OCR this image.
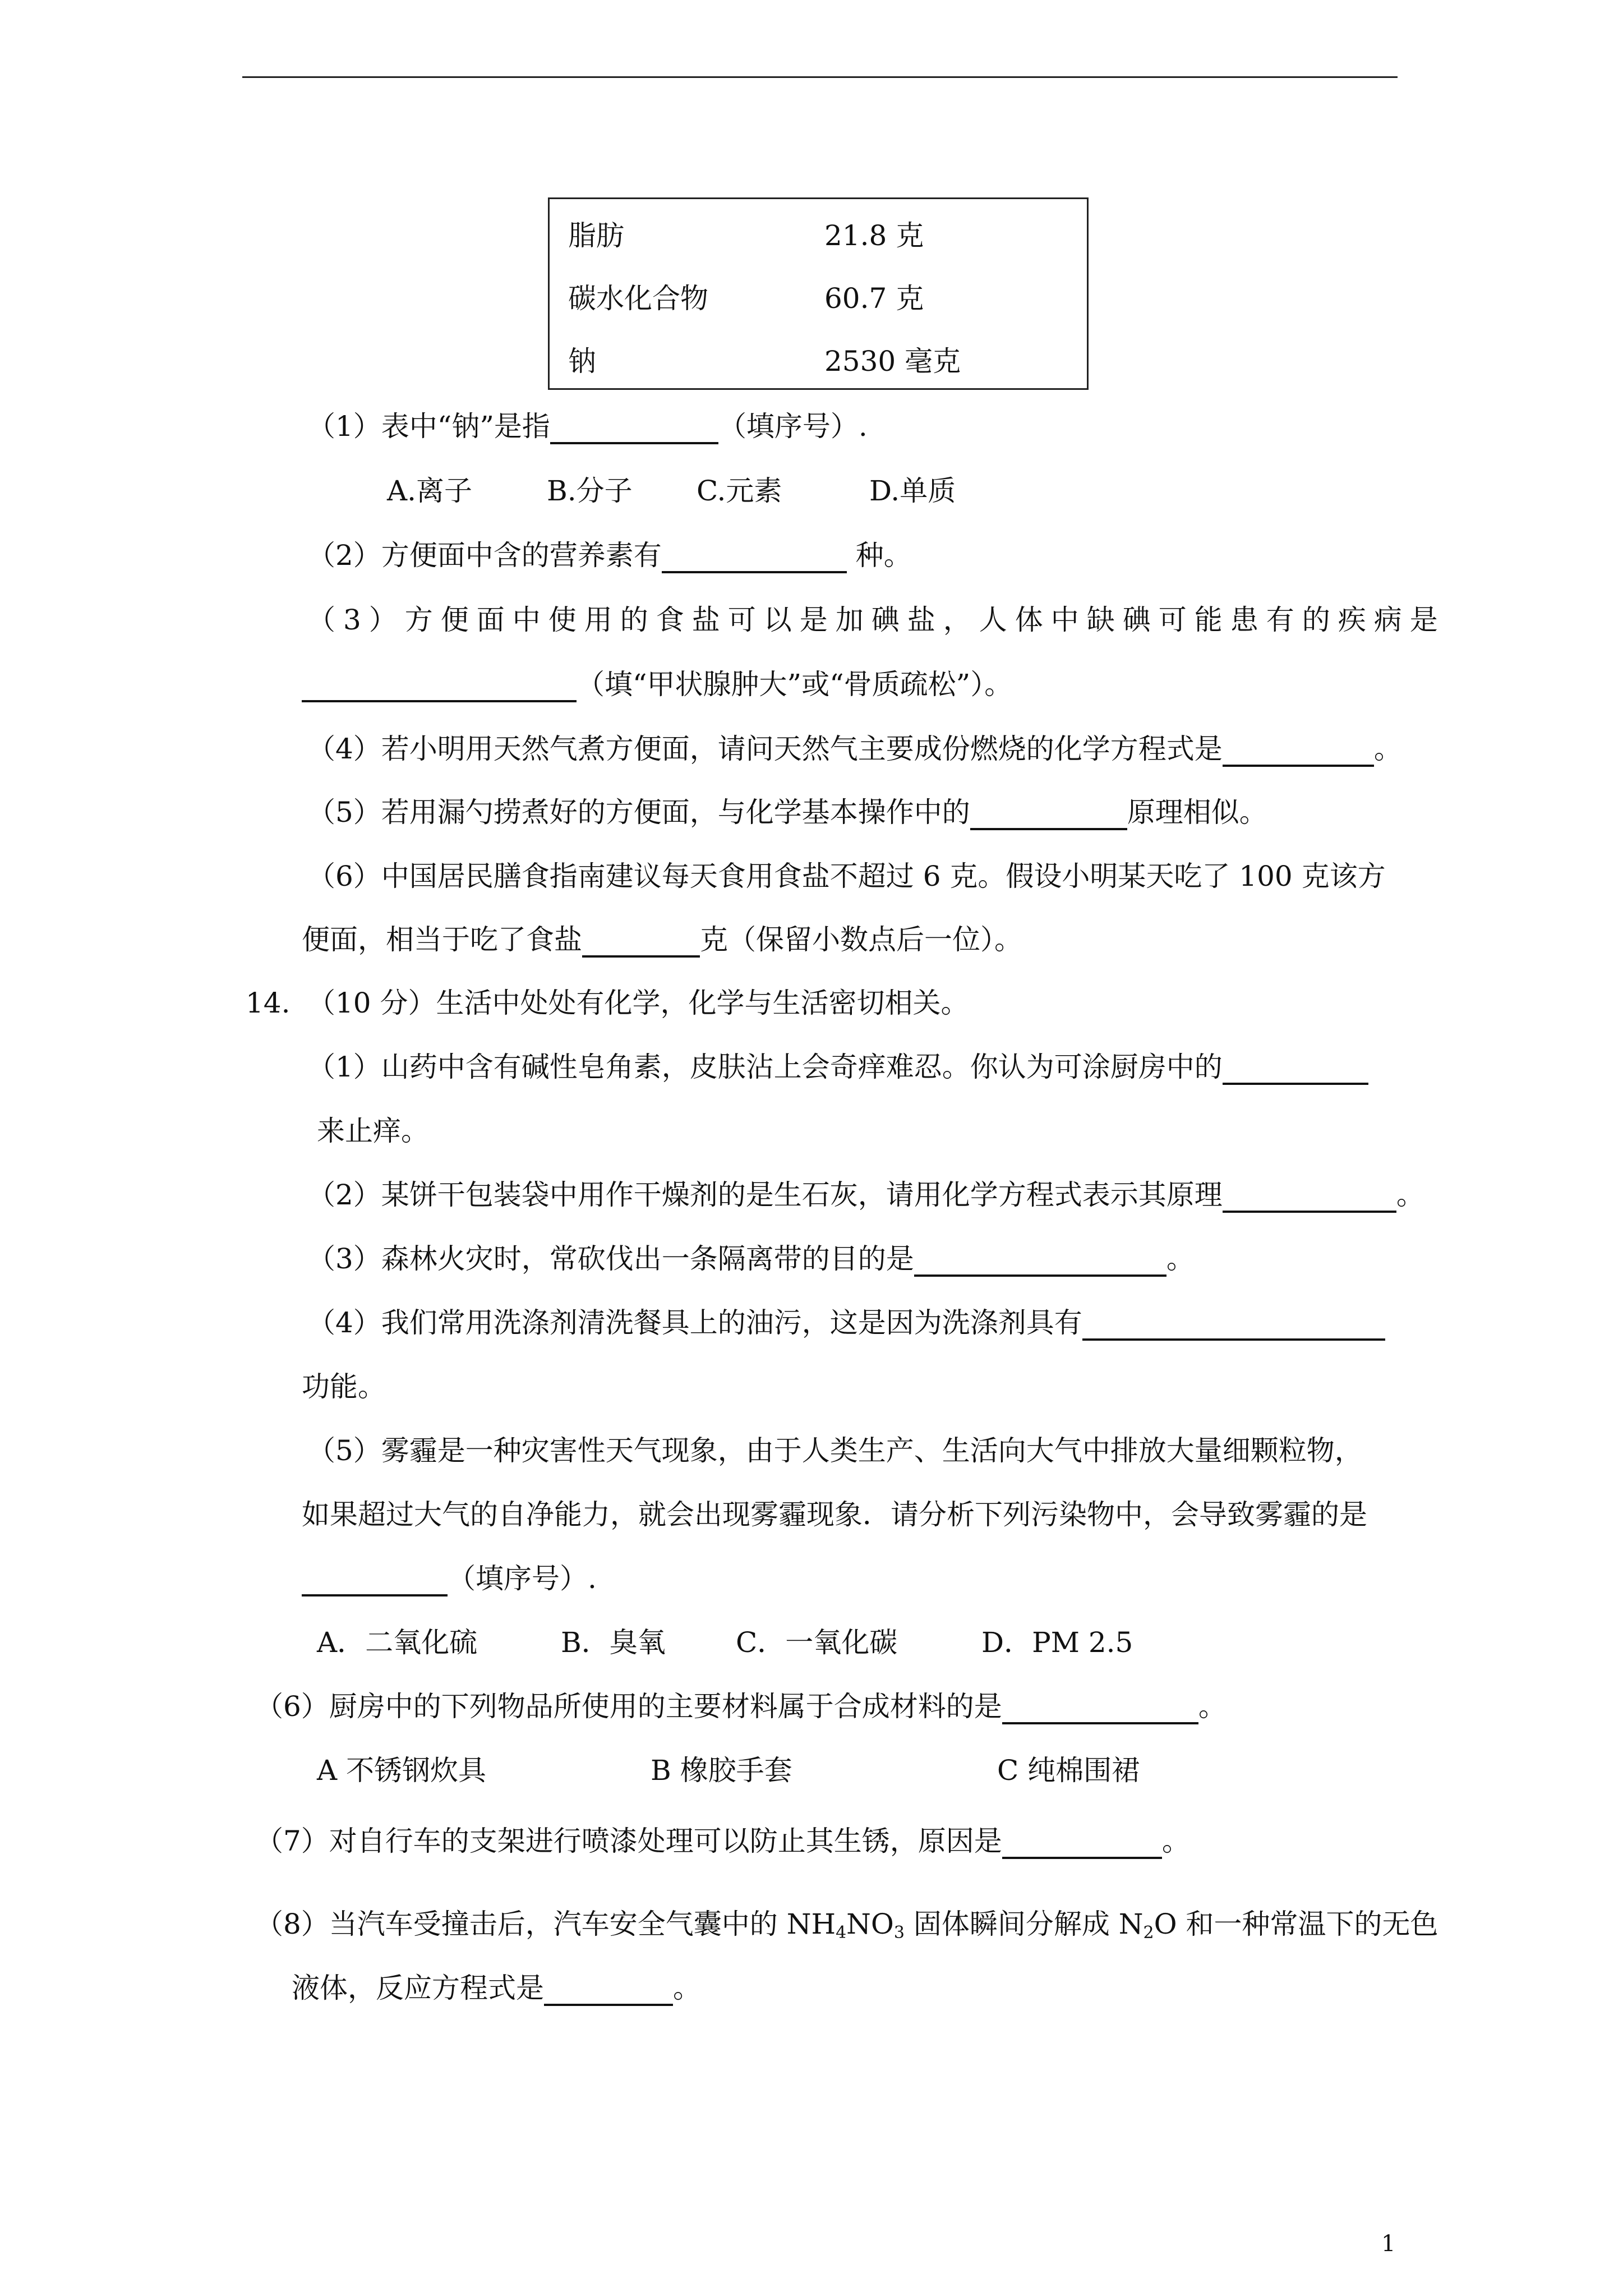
脂肪	21.8 克
碳水化合物	60.7 克
钠	2530 毫克
（1）表中“钠”是指	（填序号）.
A.离子	B.分子 C.元素	D.单质
（2）方便面中含的营养素有	种。
（3）方便面中使用的食盐可以是加碘盐，人体中缺碘可能患有的疾病是
（填“甲状腺肿大”或“骨质疏松”）。
（4）若小明用天然气煮方便面，请问天然气主要成份燃烧的化学方程式是	。
（5）若用漏勺捞煮好的方便面，与化学基本操作中的	原理相似。
（6）中国居民膳食指南建议每天食用食盐不超过 6 克。假设小明某天吃了 100 克该方
便面，相当于吃了食盐	克（保留小数点后一位）。
14. （10 分）生活中处处有化学，化学与生活密切相关。
（1）山药中含有碱性皂角素，皮肤沾上会奇痒难忍。你认为可涂厨房中的
来止痒。
（2）某饼干包装袋中用作干燥剂的是生石灰，请用化学方程式表示其原理	。
（3）森林火灾时，常砍伐出一条隔离带的目的是	。
（4）我们常用洗涤剂清洗餐具上的油污，这是因为洗涤剂具有
功能。
（5）雾霾是一种灾害性天气现象，由于人类生产、生活向大气中排放大量细颗粒物，
如果超过大气的自净能力，就会出现雾霾现象．请分析下列污染物中，会导致雾霾的是
（填序号）.
A．二氧化硫	B．臭氧	C．一氧化碳	D．PM 2.5
（6）厨房中的下列物品所使用的主要材料属于合成材料的是	。
A 不锈钢炊具	B 橡胶手套	C 纯棉围裙
（7）对自行车的支架进行喷漆处理可以防止其生锈，原因是	。
（8）当汽车受撞击后，汽车安全气囊中的 $NH_4NO_3$ 固体瞬间分解成 $N_2O$ 和一种常温下的无色
液体，反应方程式是	。
1
